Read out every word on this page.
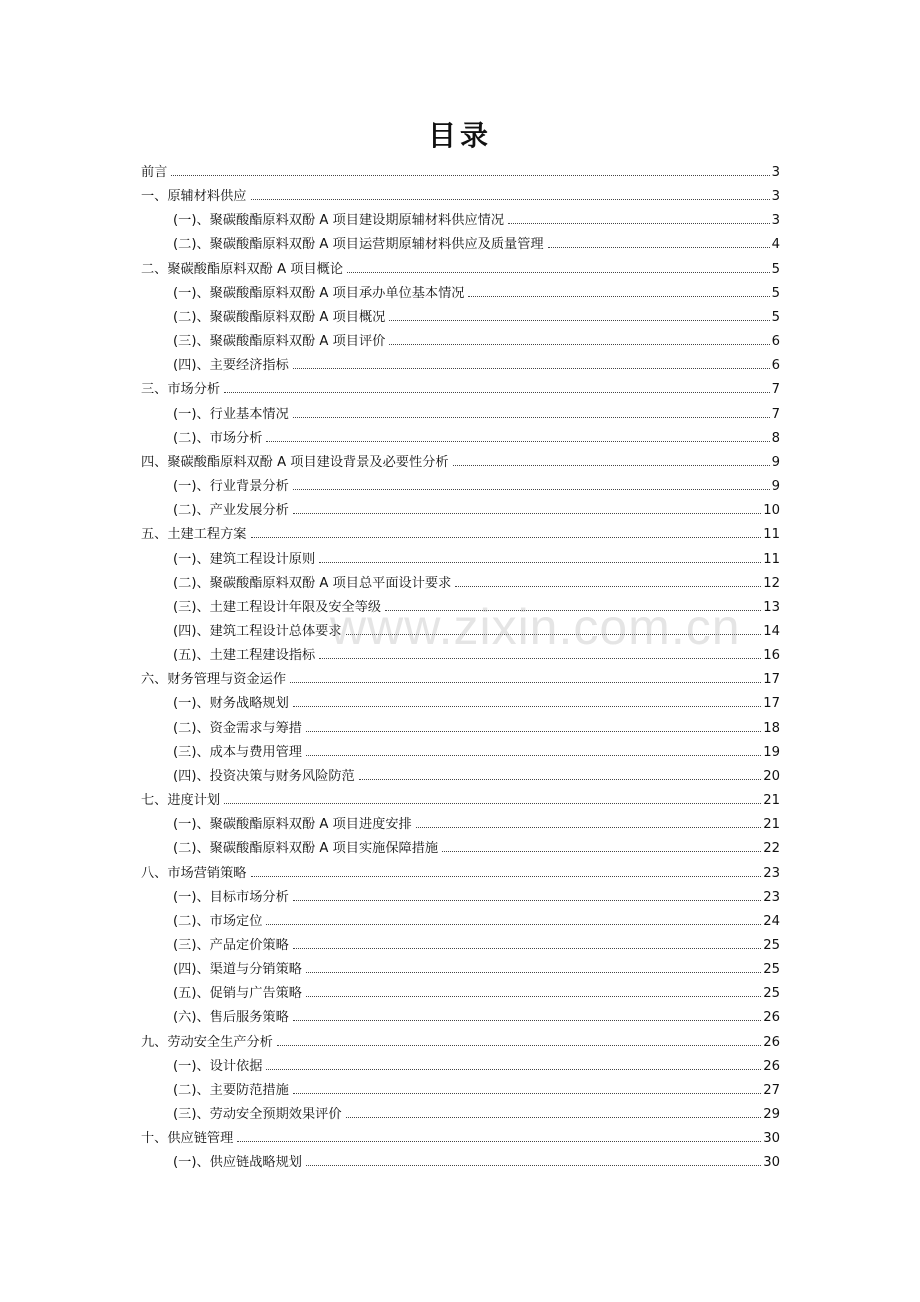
目录
前言	3
一、原辅材料供应	3
(一)、聚碳酸酯原料双酚 A 项目建设期原辅材料供应情况	3
(二)、聚碳酸酯原料双酚 A 项目运营期原辅材料供应及质量管理	4
二、聚碳酸酯原料双酚 A 项目概论	5
(一)、聚碳酸酯原料双酚 A 项目承办单位基本情况	5
(二)、聚碳酸酯原料双酚 A 项目概况	5
(三)、聚碳酸酯原料双酚 A 项目评价	6
(四)、主要经济指标	6
三、市场分析	7
(一)、行业基本情况	7
(二)、市场分析	8
四、聚碳酸酯原料双酚 A 项目建设背景及必要性分析	9
(一)、行业背景分析	9
(二)、产业发展分析	10
五、土建工程方案	11
(一)、建筑工程设计原则	11
(二)、聚碳酸酯原料双酚 A 项目总平面设计要求	12
(三)、土建工程设计年限及安全等级	13
(四)、建筑工程设计总体要求	14
(五)、土建工程建设指标	16
六、财务管理与资金运作	17
(一)、财务战略规划	17
(二)、资金需求与筹措	18
(三)、成本与费用管理	19
(四)、投资决策与财务风险防范	20
七、进度计划	21
(一)、聚碳酸酯原料双酚 A 项目进度安排	21
(二)、聚碳酸酯原料双酚 A 项目实施保障措施	22
八、市场营销策略	23
(一)、目标市场分析	23
(二)、市场定位	24
(三)、产品定价策略	25
(四)、渠道与分销策略	25
(五)、促销与广告策略	25
(六)、售后服务策略	26
九、劳动安全生产分析	26
(一)、设计依据	26
(二)、主要防范措施	27
(三)、劳动安全预期效果评价	29
十、供应链管理	30
(一)、供应链战略规划	30
www.zixin.com.cn
